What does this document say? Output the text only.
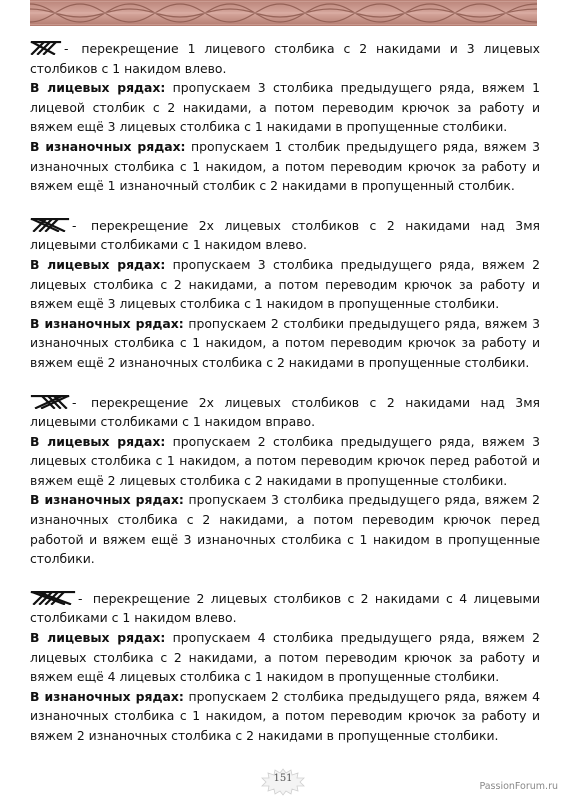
- перекрещение 1 лицевого столбика с 2 накидами и 3 лицевых столбиков с 1 накидом влево.

В лицевых рядах: пропускаем 3 столбика предыдущего ряда, вяжем 1 лицевой столбик с 2 накидами, а потом переводим крючок за работу и вяжем ещё 3 лицевых столбика с 1 накидами в пропущенные столбики.

В изнаночных рядах: пропускаем 1 столбик предыдущего ряда, вяжем 3 изнаночных столбика с 1 накидом, а потом переводим крючок за работу и вяжем ещё 1 изнаночный столбик с 2 накидами в пропущенный столбик.

- перекрещение 2х лицевых столбиков с 2 накидами над 3мя лицевыми столбиками с 1 накидом влево.

В лицевых рядах: пропускаем 3 столбика предыдущего ряда, вяжем 2 лицевых столбика с 2 накидами, а потом переводим крючок за работу и вяжем ещё 3 лицевых столбика с 1 накидом в пропущенные столбики.

В изнаночных рядах: пропускаем 2 столбики предыдущего ряда, вяжем 3 изнаночных столбика с 1 накидом, а потом переводим крючок за работу и вяжем ещё 2 изнаночных столбика с 2 накидами в пропущенные столбики.

- перекрещение 2х лицевых столбиков с 2 накидами над 3мя лицевыми столбиками с 1 накидом вправо.

В лицевых рядах: пропускаем 2 столбика предыдущего ряда, вяжем 3 лицевых столбика с 1 накидом, а потом переводим крючок перед работой и вяжем ещё 2 лицевых столбика с 2 накидами в пропущенные столбики.

В изнаночных рядах: пропускаем 3 столбика предыдущего ряда, вяжем 2 изнаночных столбика с 2 накидами, а потом переводим крючок перед работой и вяжем ещё 3 изнаночных столбика с 1 накидом в пропущенные столбики.

- перекрещение 2 лицевых столбиков с 2 накидами с 4 лицевыми столбиками с 1 накидом влево.

В лицевых рядах: пропускаем 4 столбика предыдущего ряда, вяжем 2 лицевых столбика с 2 накидами, а потом переводим крючок за работу и вяжем ещё 4 лицевых столбика с 1 накидом в пропущенные столбики.

В изнаночных рядах: пропускаем 2 столбика предыдущего ряда, вяжем 4 изнаночных столбика с 1 накидом, а потом переводим крючок за работу и вяжем 2 изнаночных столбика с 2 накидами в пропущенные столбики.

151
PassionForum.ru
